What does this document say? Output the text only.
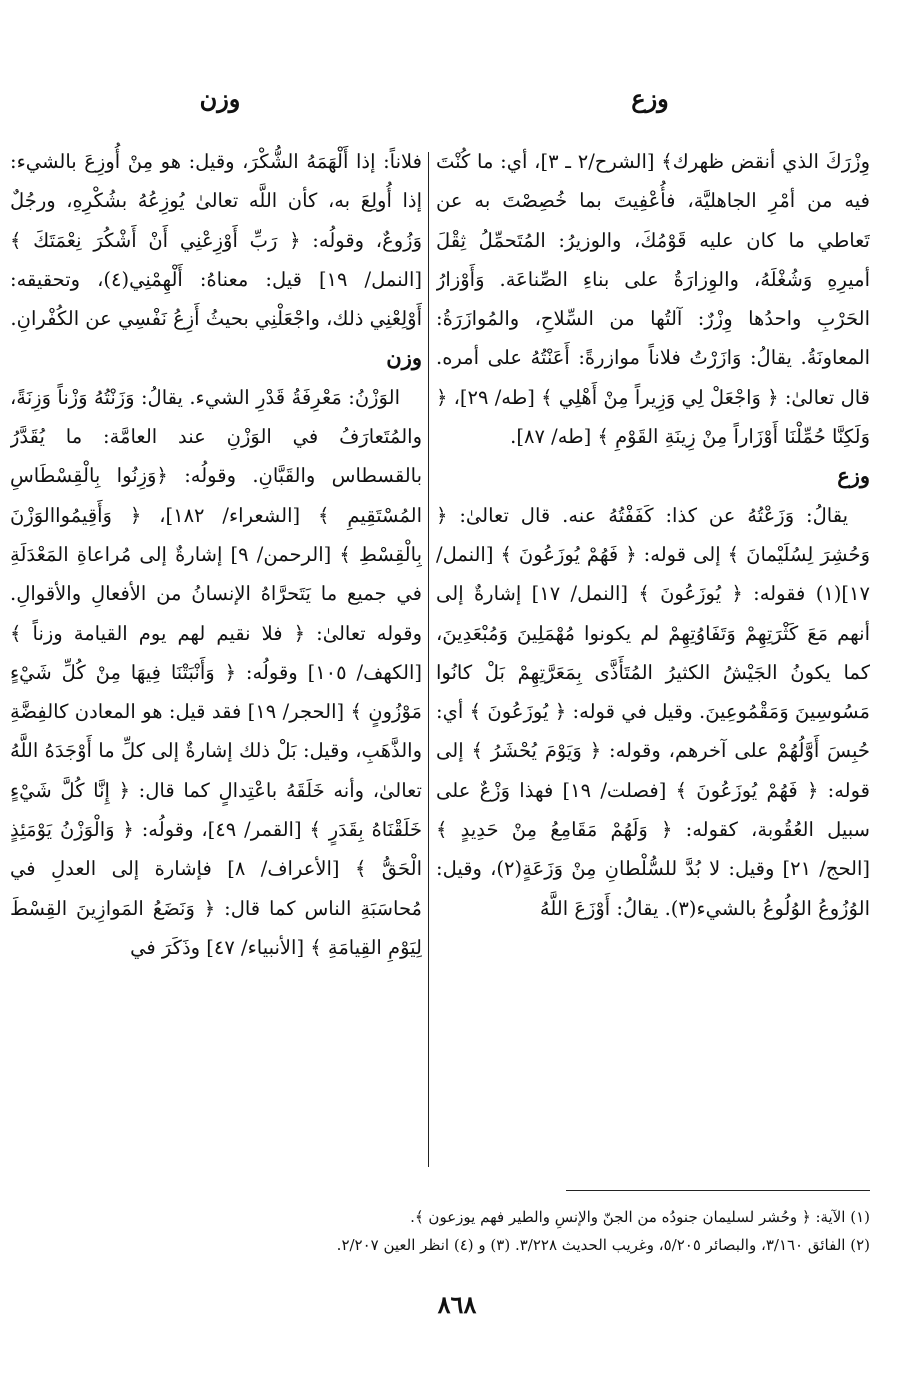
وزع
وزن

وِزْرَكَ الذي أنقض ظهرك﴾ [الشرح/٢ ـ ٣]، أي: ما كُنْتَ فيه من أمْرِ الجاهليَّة، فأُعْفِيتَ بما خُصِصْتَ به عن تَعاطي ما كان عليه قَوْمُكَ، والوزيرُ: المُتَحمِّلُ ثِقْلَ أميرِهِ وَشُغْلَهُ، والوِزارَةُ على بناءِ الصِّناعَة. وَأَوْزارُ الحَرْبِ واحدُها وِزْرٌ: آلتُها من السِّلاحِ، والمُوازَرَةُ: المعاونَةُ. يقالُ: وَازَرْتُ فلاناً موازرةً: أَعَنْتُهُ على أمره. قال تعالىٰ: ﴿ وَاجْعَلْ لِي وَزِيراً مِنْ أَهْلِي ﴾ [طه/ ٢٩]، ﴿ وَلَكِنَّا حُمِّلْنَا أَوْزَاراً مِنْ زِينَةِ القَوْمِ ﴾ [طه/ ٨٧].

وزع

يقالُ: وَزَعْتُهُ عن كذا: كَفَفْتُهُ عنه. قال تعالىٰ: ﴿ وَحُشِرَ لِسُلَيْمانَ ﴾ إلى قوله: ﴿ فَهُمْ يُوزَعُونَ ﴾ [النمل/ ١٧](١) فقوله: ﴿ يُوزَعُونَ ﴾ [النمل/ ١٧] إشارةٌ إلى أنهم مَعَ كَثْرَتِهِمْ وَتَفَاوُتِهِمْ لم يكونوا مُهْمَلِينَ وَمُبْعَدِينَ، كما يكونُ الجَيْشُ الكثيرُ المُتَأَذَّى بِمَعَرَّتِهِمْ بَلْ كانُوا مَسُوسِينَ وَمَقْمُوعِينَ. وقيل في قوله: ﴿ يُوزَعُونَ ﴾ أي: حُبِسَ أَوَّلُهُمْ على آخرهم، وقوله: ﴿ وَيَوْمَ يُحْشَرُ ﴾ إلى قوله: ﴿ فَهُمْ يُوزَعُونَ ﴾ [فصلت/ ١٩] فهذا وَزْعٌ على سبيل العُقُوبة، كقوله: ﴿ وَلَهُمْ مَقَامِعُ مِنْ حَدِيدٍ ﴾ [الحج/ ٢١] وقيل: لا بُدَّ للسُّلْطانِ مِنْ وَزَعَةٍ(٢)، وقيل: الوُزُوعُ الوُلُوعُ بالشيء(٣). يقالُ: أَوْزَعَ اللَّهُ

فلاناً: إذا أَلْهَمَهُ الشُّكْرَ، وقيل: هو مِنْ أُوزِعَ بالشيء: إذا أُولِعَ به، كأن اللَّه تعالىٰ يُوزِعُهُ بشُكْرِهِ، ورجُلٌ وَزُوعٌ، وقولُه: ﴿ رَبِّ أَوْزِعْنِي أَنْ أَشْكُرَ نِعْمَتَكَ ﴾ [النمل/ ١٩] قيل: معناهُ: أَلْهِمْنِي(٤)، وتحقيقه: أَوْلِعْنِي ذلك، واجْعَلْنِي بحيثُ أَزِعُ نَفْسِي عن الكُفْرانِ.

وزن

الوَزْنُ: مَعْرِفَةُ قَدْرِ الشيء. يقالُ: وَزَنْتُهُ وَزْناً وَزِنَةً، والمُتَعارَفُ في الوَزْنِ عند العامَّة: ما يُقَدَّرُ بالقسطاس والقَبَّانِ. وقولُه: ﴿وَزِنُوا بِالْقِسْطَاسِ المُسْتَقِيمِ ﴾ [الشعراء/ ١٨٢]، ﴿ وَأَقِيمُواالوَزْنَ بِالْقِسْطِ ﴾ [الرحمن/ ٩] إشارةٌ إلى مُراعاةِ المَعْدَلَةِ في جميع ما يَتَحرَّاهُ الإنسانُ من الأفعالِ والأقوالِ. وقوله تعالىٰ: ﴿ فلا نقيم لهم يوم القيامة وزناً ﴾ [الكهف/ ١٠٥] وقولُه: ﴿ وَأَنْبَتْنَا فِيهَا مِنْ كُلِّ شَيْءٍ مَوْزُونٍ ﴾ [الحجر/ ١٩] فقد قيل: هو المعادن كالفِضَّةِ والذَّهَبِ، وقيل: بَلْ ذلك إشارةٌ إلى كلِّ ما أَوْجَدَهُ اللَّهُ تعالىٰ، وأنه خَلَقَهُ باعْتِدالٍ كما قال: ﴿ إِنَّا كُلَّ شَيْءٍ خَلَقْنَاهُ بِقَدَرٍ ﴾ [القمر/ ٤٩]، وقولُه: ﴿ وَالْوَزْنُ يَوْمَئِذٍ الْحَقُّ ﴾ [الأعراف/ ٨] فإشارة إلى العدلِ في مُحاسَبَةِ الناس كما قال: ﴿ وَنَضَعُ المَوازِينَ القِسْطَ لِيَوْمِ القِيامَةِ ﴾ [الأنبياء/ ٤٧] وذَكَرَ في

(١) الآية: ﴿ وحُشر لسليمان جنودُه من الجنّ والإنسِ والطير فهم يوزعون ﴾.

(٢) الفائق ٣/١٦٠، والبصائر ٥/٢٠٥، وغريب الحديث ٣/٢٢٨. (٣) و (٤) انظر العين ٢/٢٠٧.

٨٦٨
